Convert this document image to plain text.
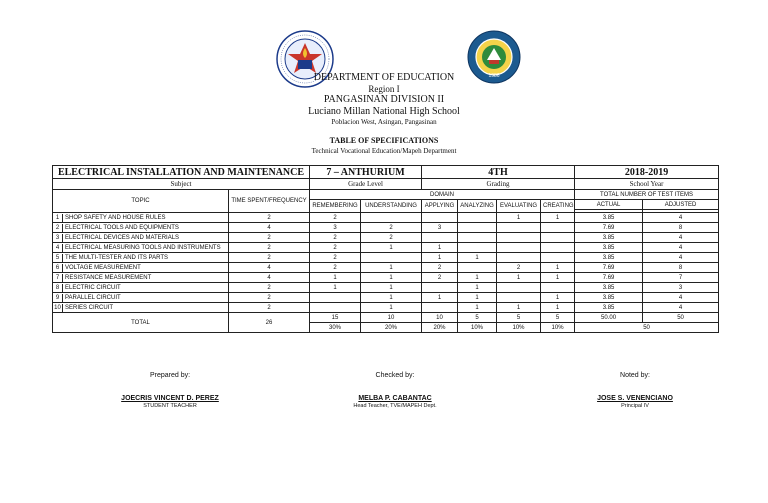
1986
DEPARTMENT OF EDUCATION
Region I
PANGASINAN DIVISION II
Luciano Millan National High School
Poblacion West, Asingan, Pangasinan
TABLE OF SPECIFICATIONS
Technical Vocational Education/Mapeh Department
ELECTRICAL INSTALLATION AND MAINTENANCE		7 – ANTHURIUM		4TH				2018-2019	
Subject		Grade Level		Grading				School Year	
TOPIC	TIME SPENT/FREQUENCY	DOMAIN						TOTAL NUMBER OF TEST ITEMS	
		REMEMBERING	UNDERSTANDING	APPLYING	ANALYZING	EVALUATING	CREATING	ACTUAL	ADJUSTED

1 SHOP SAFETY AND HOUSE RULES	2	2				1	1	3.85	4
2 ELECTRICAL TOOLS AND EQUIPMENTS	4	3	2	3				7.69	8
3 ELECTRICAL DEVICES AND MATERIALS	2	2	2					3.85	4
4 ELECTRICAL MEASURING TOOLS AND INSTRUMENTS	2	2	1	1				3.85	4
5 THE MULTI-TESTER AND ITS PARTS	2	2		1	1			3.85	4
6 VOLTAGE MEASUREMENT	4	2	1	2		2	1	7.69	8
7 RESISTANCE MEASUREMENT	4	1	1	2	1	1	1	7.69	7
8 ELECTRIC CIRCUIT	2	1	1		1			3.85	3
9 PARALLEL CIRCUIT	2		1	1	1		1	3.85	4
10 SERIES CIRCUIT	2		1		1	1	1	3.85	4
TOTAL	26	15	10	10	5	5	5	50.00	50
		30%	20%	20%	10%	10%	10%	50	
Prepared by:
JOECRIS VINCENT D. PEREZ
STUDENT TEACHER
Checked by:
MELBA P. CABANTAC
Head Teacher, TVE/MAPEH Dept.
Noted by:
JOSE S. VENENCIANO
Principal IV
